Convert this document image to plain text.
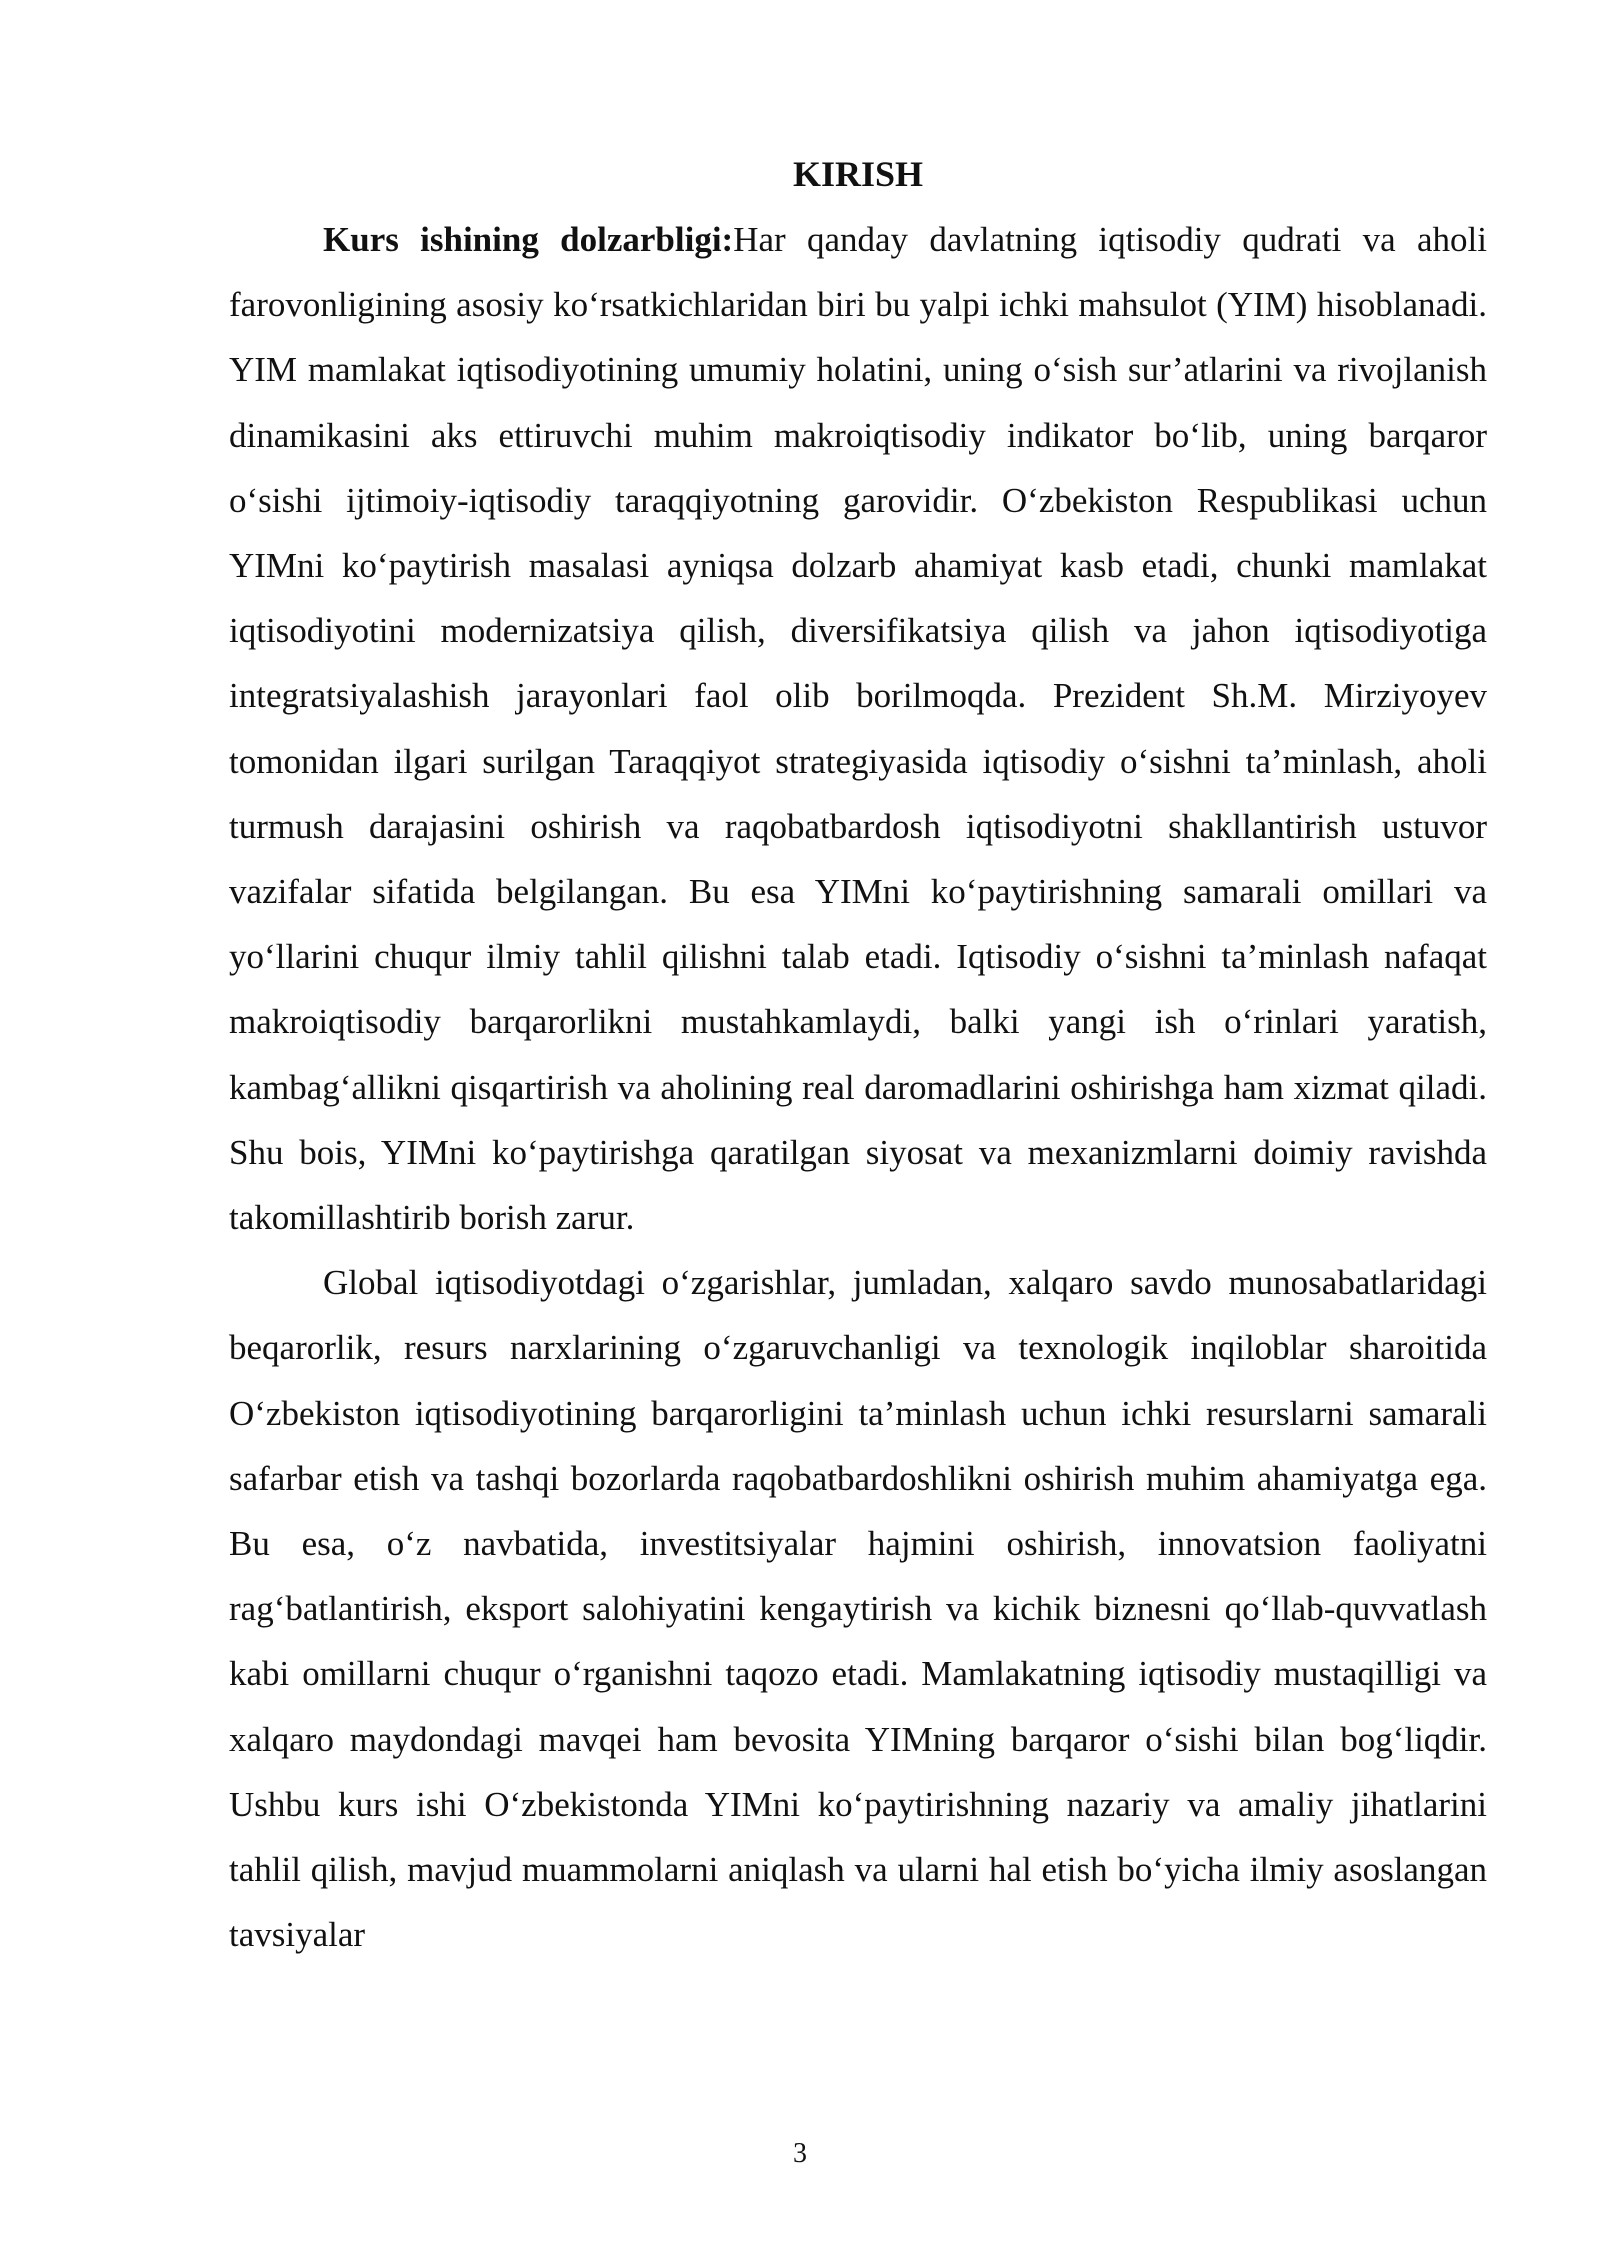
KIRISH

Kurs ishining dolzarbligi:Har qanday davlatning iqtisodiy qudrati va aholi farovonligining asosiy ko‘rsatkichlaridan biri bu yalpi ichki mahsulot (YIM) hisoblanadi. YIM mamlakat iqtisodiyotining umumiy holatini, uning o‘sish sur’atlarini va rivojlanish dinamikasini aks ettiruvchi muhim makroiqtisodiy indikator bo‘lib, uning barqaror o‘sishi ijtimoiy-iqtisodiy taraqqiyotning garovidir. O‘zbekiston Respublikasi uchun YIMni ko‘paytirish masalasi ayniqsa dolzarb ahamiyat kasb etadi, chunki mamlakat iqtisodiyotini modernizatsiya qilish, diversifikatsiya qilish va jahon iqtisodiyotiga integratsiyalashish jarayonlari faol olib borilmoqda. Prezident Sh.M. Mirziyoyev tomonidan ilgari surilgan Taraqqiyot strategiyasida iqtisodiy o‘sishni ta’minlash, aholi turmush darajasini oshirish va raqobatbardosh iqtisodiyotni shakllantirish ustuvor vazifalar sifatida belgilangan. Bu esa YIMni ko‘paytirishning samarali omillari va yo‘llarini chuqur ilmiy tahlil qilishni talab etadi. Iqtisodiy o‘sishni ta’minlash nafaqat makroiqtisodiy barqarorlikni mustahkamlaydi, balki yangi ish o‘rinlari yaratish, kambag‘allikni qisqartirish va aholining real daromadlarini oshirishga ham xizmat qiladi. Shu bois, YIMni ko‘paytirishga qaratilgan siyosat va mexanizmlarni doimiy ravishda takomillashtirib borish zarur.

Global iqtisodiyotdagi o‘zgarishlar, jumladan, xalqaro savdo munosabatlaridagi beqarorlik, resurs narxlarining o‘zgaruvchanligi va texnologik inqiloblar sharoitida O‘zbekiston iqtisodiyotining barqarorligini ta’minlash uchun ichki resurslarni samarali safarbar etish va tashqi bozorlarda raqobatbardoshlikni oshirish muhim ahamiyatga ega. Bu esa, o‘z navbatida, investitsiyalar hajmini oshirish, innovatsion faoliyatni rag‘batlantirish, eksport salohiyatini kengaytirish va kichik biznesni qo‘llab-quvvatlash kabi omillarni chuqur o‘rganishni taqozo etadi. Mamlakatning iqtisodiy mustaqilligi va xalqaro maydondagi mavqei ham bevosita YIMning barqaror o‘sishi bilan bog‘liqdir. Ushbu kurs ishi O‘zbekistonda YIMni ko‘paytirishning nazariy va amaliy jihatlarini tahlil qilish, mavjud muammolarni aniqlash va ularni hal etish bo‘yicha ilmiy asoslangan tavsiyalar

3
